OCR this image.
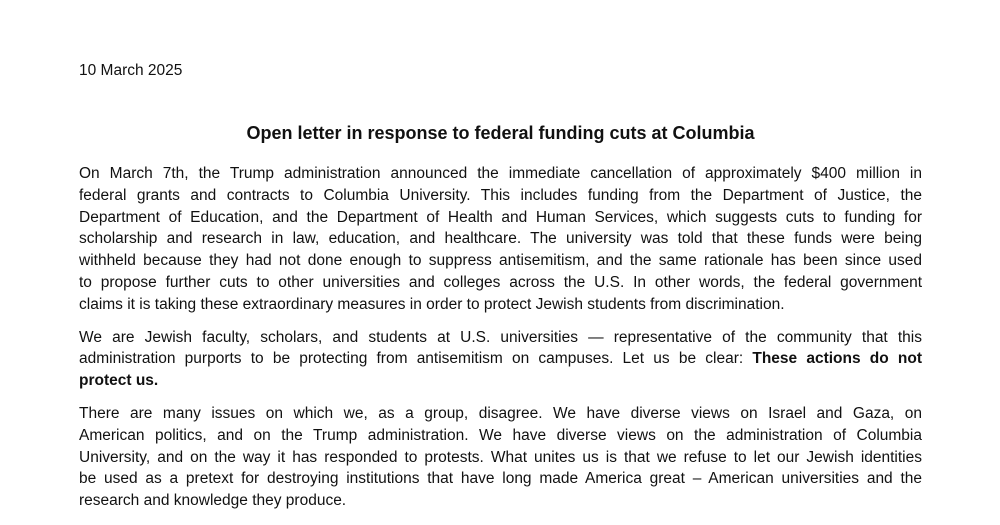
10 March 2025
Open letter in response to federal funding cuts at Columbia
On March 7th, the Trump administration announced the immediate cancellation of approximately $400 million in
federal grants and contracts to Columbia University. This includes funding from the Department of Justice, the
Department of Education, and the Department of Health and Human Services, which suggests cuts to funding for
scholarship and research in law, education, and healthcare. The university was told that these funds were being
withheld because they had not done enough to suppress antisemitism, and the same rationale has been since used
to propose further cuts to other universities and colleges across the U.S. In other words, the federal government
claims it is taking these extraordinary measures in order to protect Jewish students from discrimination.
We are Jewish faculty, scholars, and students at U.S. universities — representative of the community that this
administration purports to be protecting from antisemitism on campuses. Let us be clear: These actions do not
protect us.
There are many issues on which we, as a group, disagree. We have diverse views on Israel and Gaza, on
American politics, and on the Trump administration. We have diverse views on the administration of Columbia
University, and on the way it has responded to protests. What unites us is that we refuse to let our Jewish identities
be used as a pretext for destroying institutions that have long made America great – American universities and the
research and knowledge they produce.
